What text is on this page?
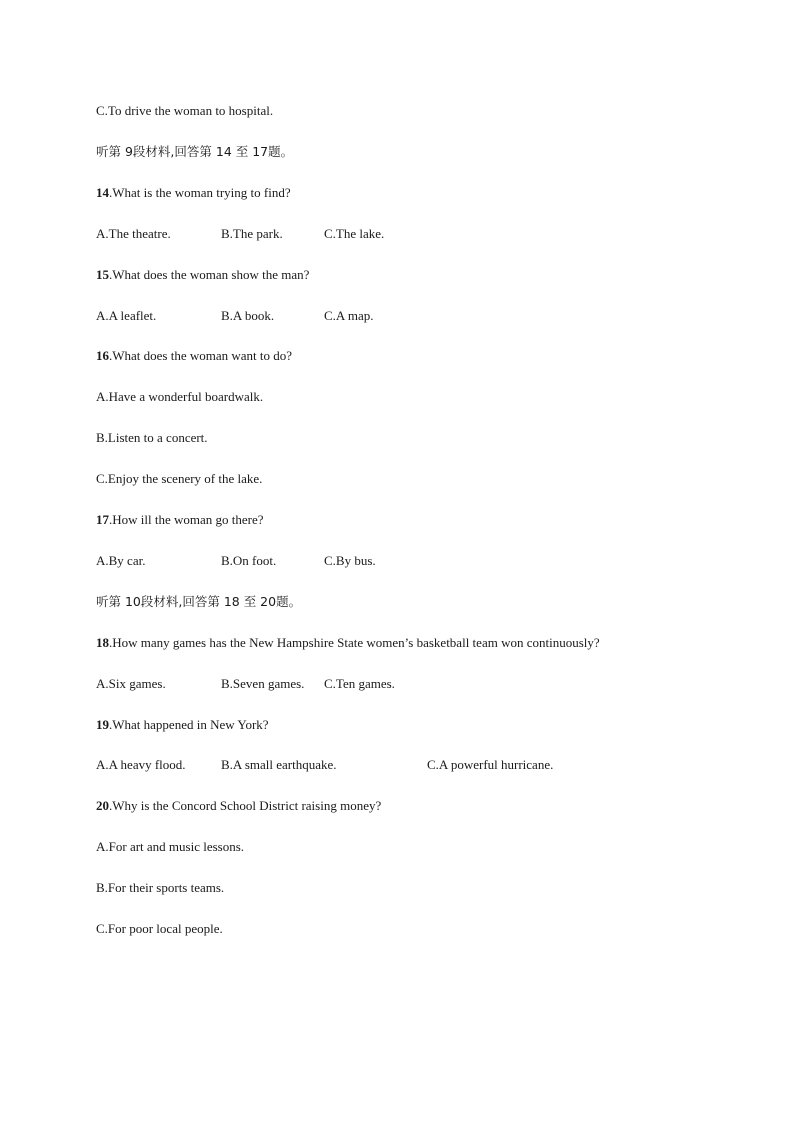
C.To drive the woman to hospital.
听第 9段材料,回答第 14 至 17题。
14.What is the woman trying to find?
A.The theatre.	B.The park.	C.The lake.
15.What does the woman show the man?
A.A leaflet.	B.A book.	C.A map.
16.What does the woman want to do?
A.Have a wonderful boardwalk.
B.Listen to a concert.
C.Enjoy the scenery of the lake.
17.How ill the woman go there?
A.By car.	B.On foot.	C.By bus.
听第 10段材料,回答第 18 至 20题。
18.How many games has the New Hampshire State women’s basketball team won continuously?
A.Six games.	B.Seven games. C.Ten games.
19.What happened in New York?
A.A heavy flood.	B.A small earthquake.	C.A powerful hurricane.
20.Why is the Concord School District raising money?
A.For art and music lessons.
B.For their sports teams.
C.For poor local people.
